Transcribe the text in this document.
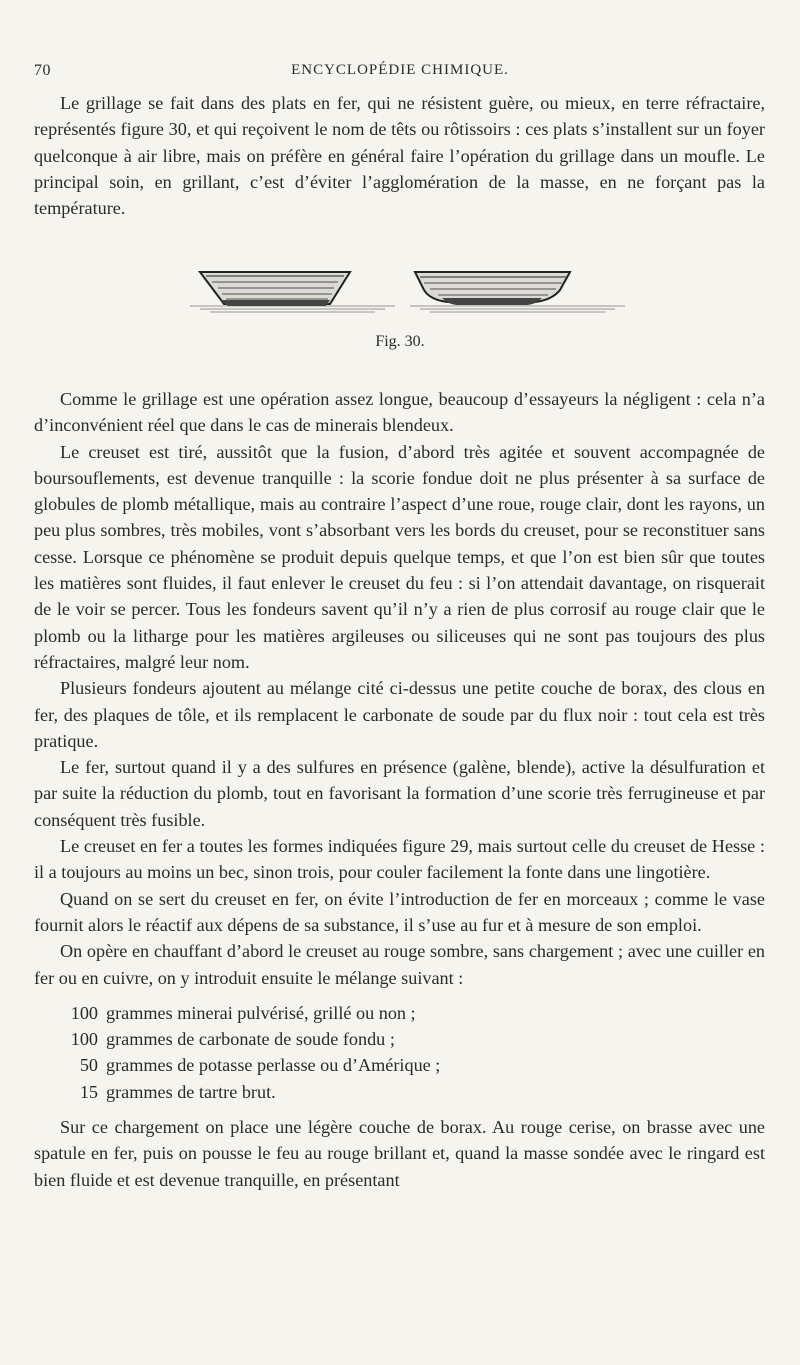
70	ENCYCLOPÉDIE CHIMIQUE.

Le grillage se fait dans des plats en fer, qui ne résistent guère, ou mieux, en terre réfractaire, représentés figure 30, et qui reçoivent le nom de têts ou rôtissoirs : ces plats s’installent sur un foyer quelconque à air libre, mais on préfère en général faire l’opération du grillage dans un moufle. Le principal soin, en grillant, c’est d’éviter l’agglomération de la masse, en ne forçant pas la température.

Fig. 30.

Comme le grillage est une opération assez longue, beaucoup d’essayeurs la négligent : cela n’a d’inconvénient réel que dans le cas de minerais blendeux.

Le creuset est tiré, aussitôt que la fusion, d’abord très agitée et souvent accompagnée de boursouflements, est devenue tranquille : la scorie fondue doit ne plus présenter à sa surface de globules de plomb métallique, mais au contraire l’aspect d’une roue, rouge clair, dont les rayons, un peu plus sombres, très mobiles, vont s’absorbant vers les bords du creuset, pour se reconstituer sans cesse. Lorsque ce phénomène se produit depuis quelque temps, et que l’on est bien sûr que toutes les matières sont fluides, il faut enlever le creuset du feu : si l’on attendait davantage, on risquerait de le voir se percer. Tous les fondeurs savent qu’il n’y a rien de plus corrosif au rouge clair que le plomb ou la litharge pour les matières argileuses ou siliceuses qui ne sont pas toujours des plus réfractaires, malgré leur nom.

Plusieurs fondeurs ajoutent au mélange cité ci-dessus une petite couche de borax, des clous en fer, des plaques de tôle, et ils remplacent le carbonate de soude par du flux noir : tout cela est très pratique.

Le fer, surtout quand il y a des sulfures en présence (galène, blende), active la désulfuration et par suite la réduction du plomb, tout en favorisant la formation d’une scorie très ferrugineuse et par conséquent très fusible.

Le creuset en fer a toutes les formes indiquées figure 29, mais surtout celle du creuset de Hesse : il a toujours au moins un bec, sinon trois, pour couler facilement la fonte dans une lingotière.

Quand on se sert du creuset en fer, on évite l’introduction de fer en morceaux ; comme le vase fournit alors le réactif aux dépens de sa substance, il s’use au fur et à mesure de son emploi.

On opère en chauffant d’abord le creuset au rouge sombre, sans chargement ; avec une cuiller en fer ou en cuivre, on y introduit ensuite le mélange suivant :

100 grammes minerai pulvérisé, grillé ou non ;
100 grammes de carbonate de soude fondu ;
50 grammes de potasse perlasse ou d’Amérique ;
15 grammes de tartre brut.

Sur ce chargement on place une légère couche de borax. Au rouge cerise, on brasse avec une spatule en fer, puis on pousse le feu au rouge brillant et, quand la masse sondée avec le ringard est bien fluide et est devenue tranquille, en présentant
